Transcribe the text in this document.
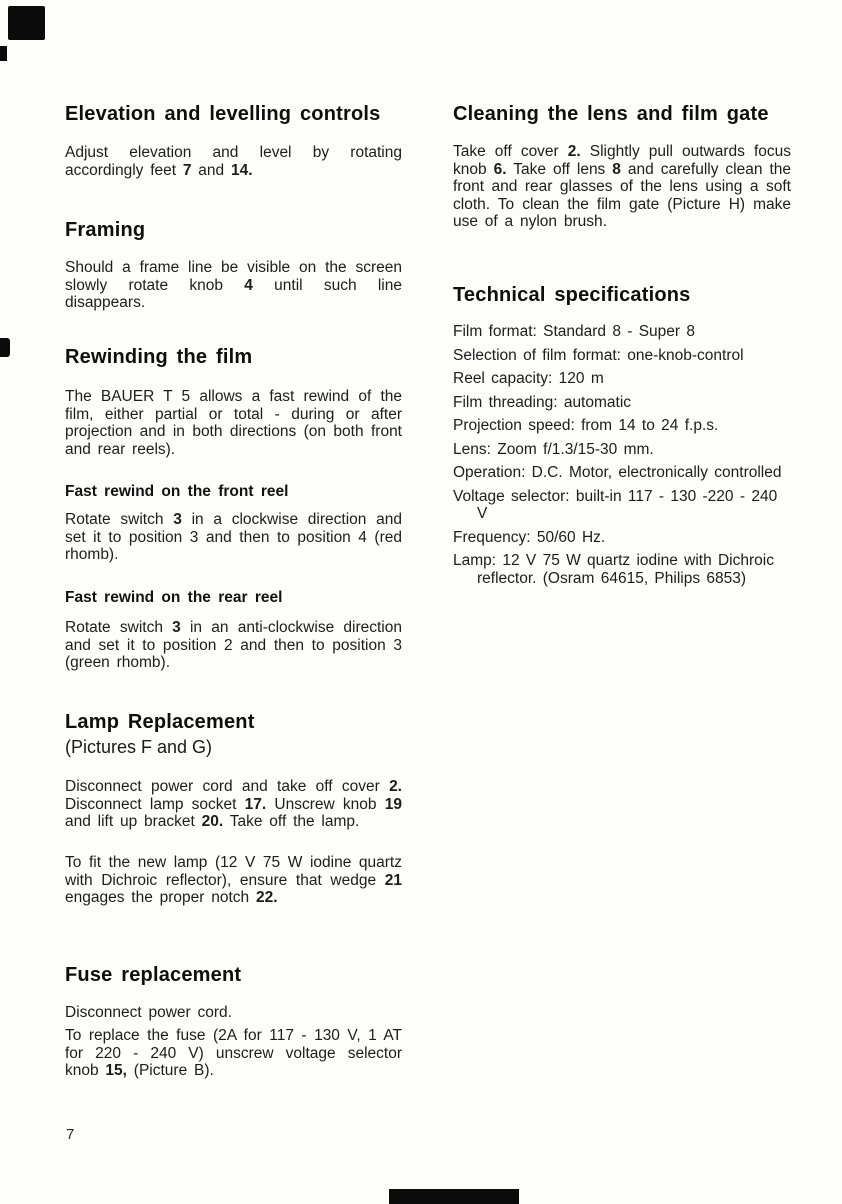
Elevation and levelling controls

Adjust elevation and level by rotating accordingly feet 7 and 14.

Framing

Should a frame line be visible on the screen slowly rotate knob 4 until such line disappears.

Rewinding the film

The BAUER T 5 allows a fast rewind of the film, either partial or total - during or after projection and in both directions (on both front and rear reels).

Fast rewind on the front reel

Rotate switch 3 in a clockwise direction and set it to position 3 and then to position 4 (red rhomb).

Fast rewind on the rear reel

Rotate switch 3 in an anti-clockwise direction and set it to position 2 and then to position 3 (green rhomb).

Lamp Replacement

(Pictures F and G)

Disconnect power cord and take off cover 2. Disconnect lamp socket 17. Unscrew knob 19 and lift up bracket 20. Take off the lamp.

To fit the new lamp (12 V 75 W iodine quartz with Dichroic reflector), ensure that wedge 21 engages the proper notch 22.

Fuse replacement

Disconnect power cord.

To replace the fuse (2A for 117 - 130 V, 1 AT for 220 - 240 V) unscrew voltage selector knob 15, (Picture B).

Cleaning the lens and film gate

Take off cover 2. Slightly pull outwards focus knob 6. Take off lens 8 and carefully clean the front and rear glasses of the lens using a soft cloth. To clean the film gate (Picture H) make use of a nylon brush.

Technical specifications
Film format: Standard 8 - Super 8
Selection of film format: one-knob-control
Reel capacity: 120 m
Film threading: automatic
Projection speed: from 14 to 24 f.p.s.
Lens: Zoom f/1.3/15-30 mm.
Operation: D.C. Motor, electronically controlled
Voltage selector: built-in 117 - 130 -220 - 240 V
Frequency: 50/60 Hz.
Lamp: 12 V 75 W quartz iodine with Dichroic reflector. (Osram 64615, Philips 6853)
7
